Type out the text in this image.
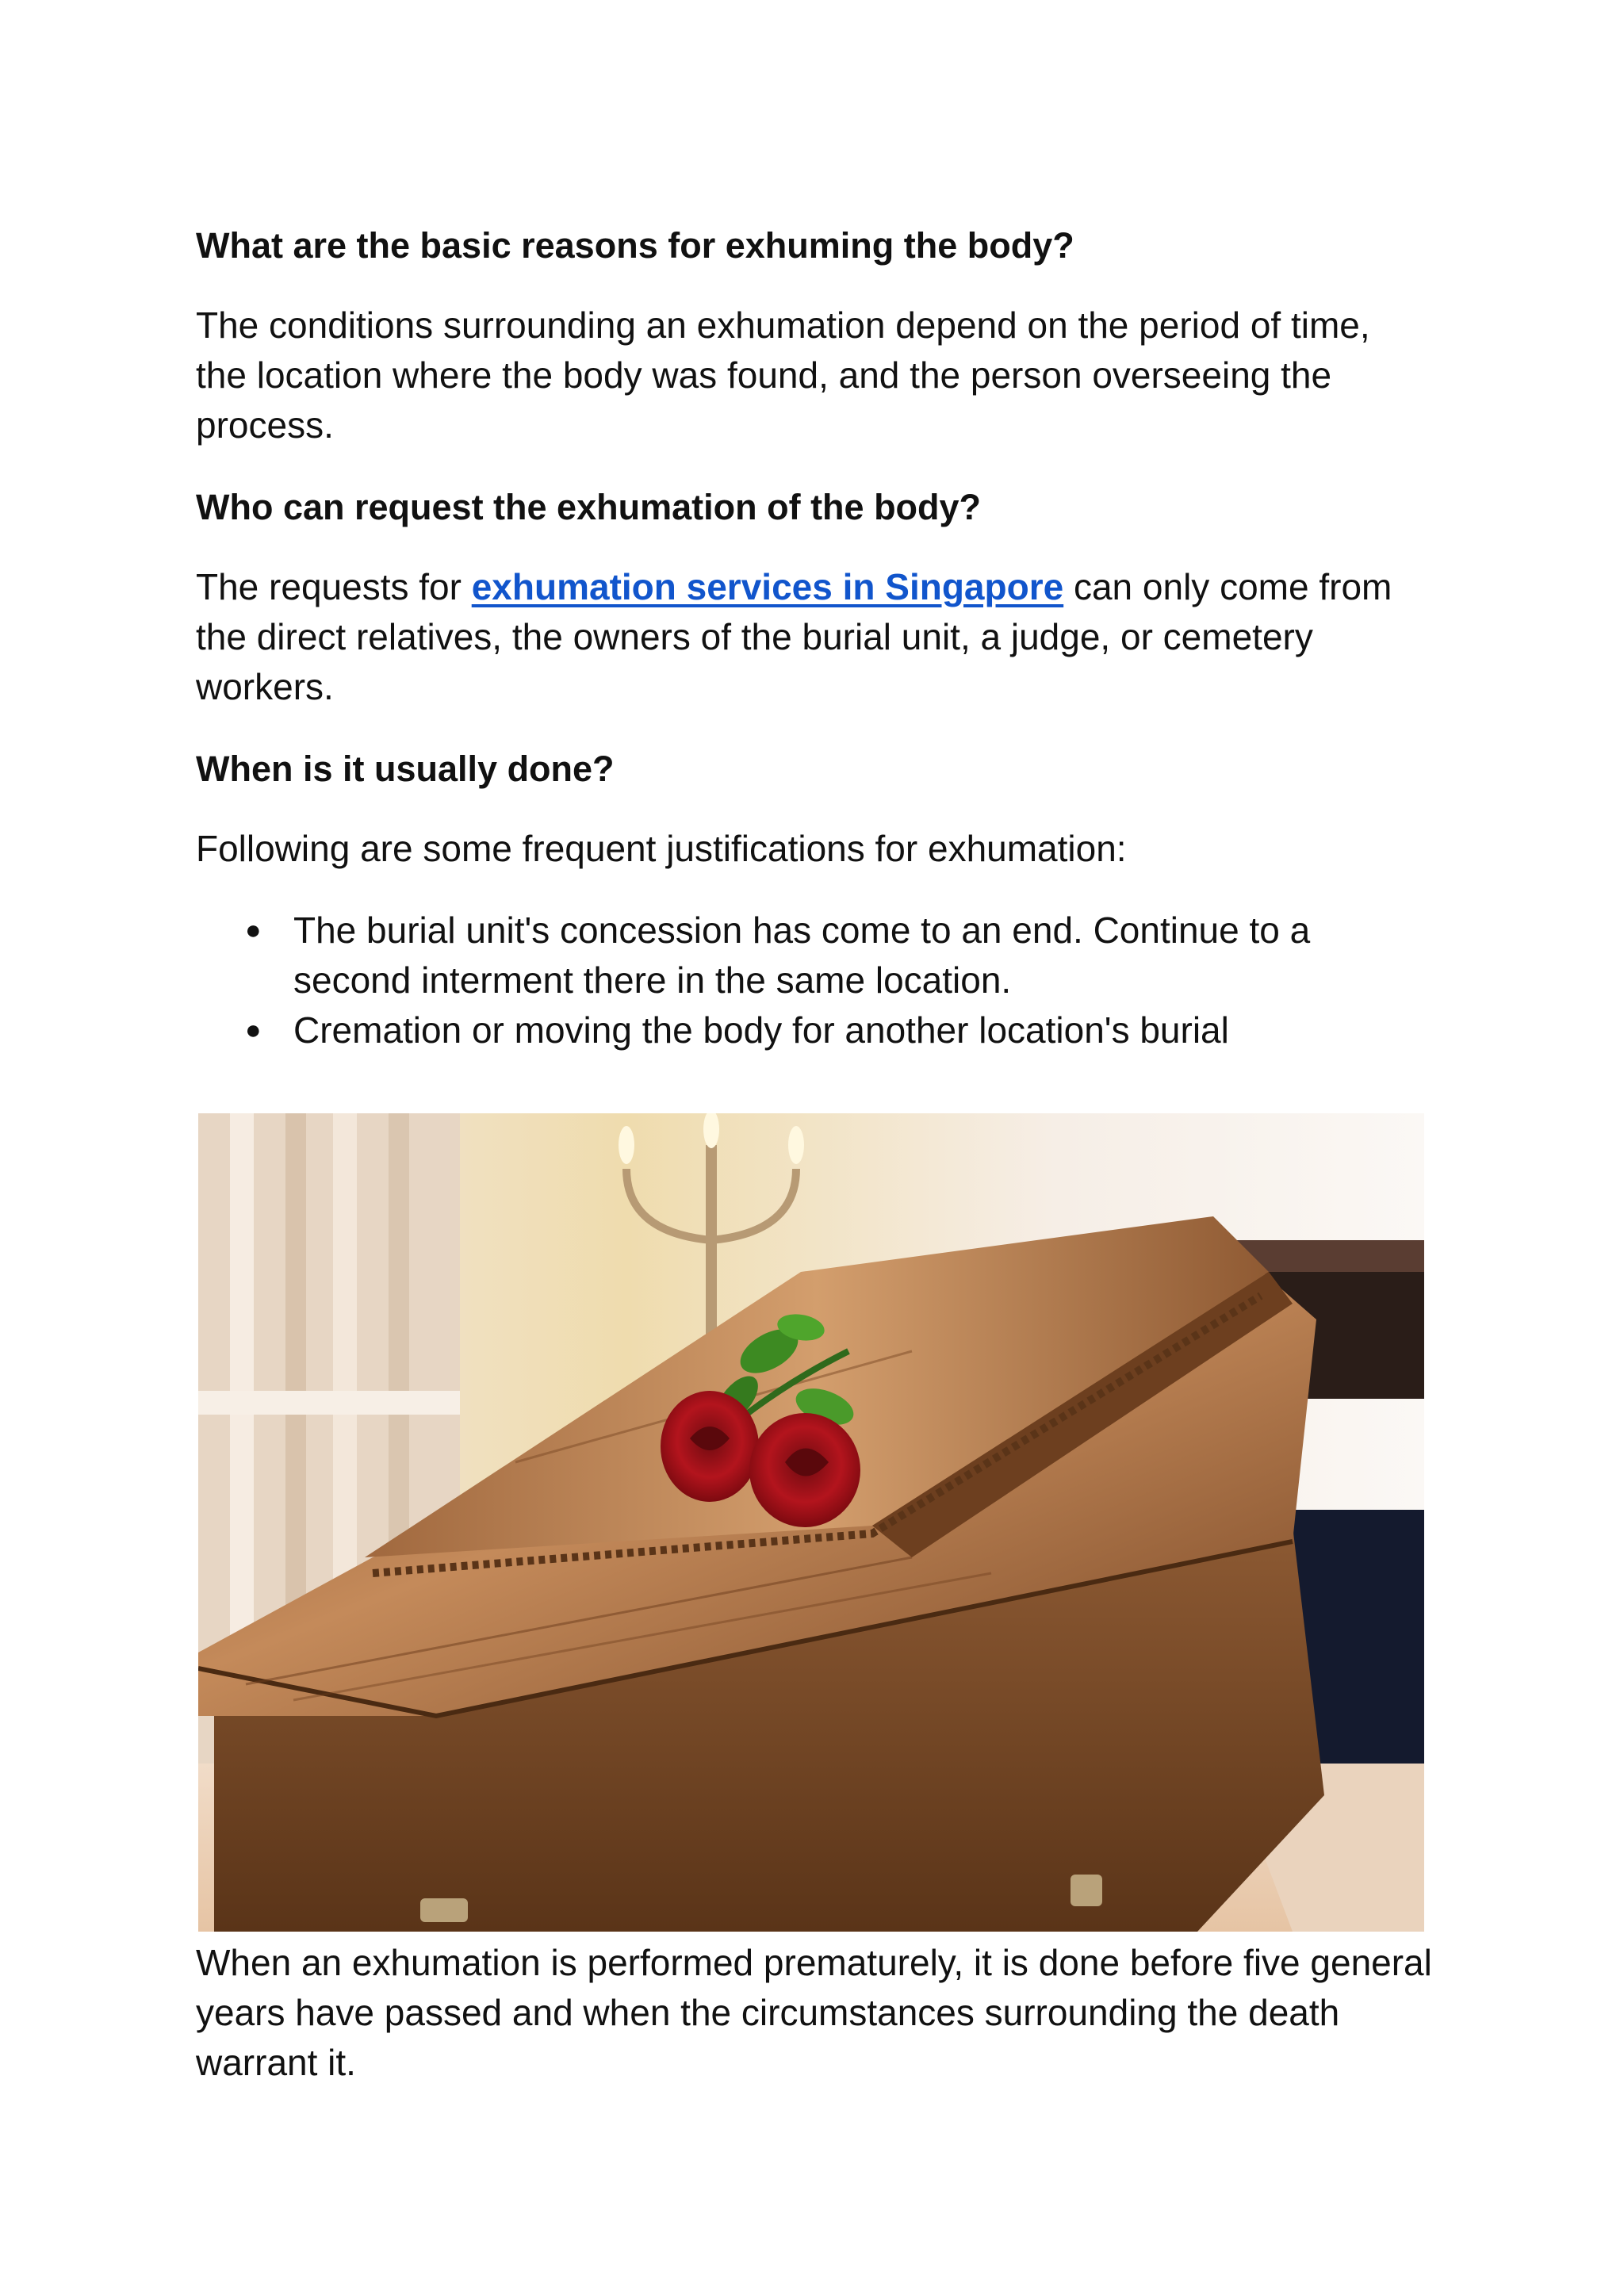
What are the basic reasons for exhuming the body?

The conditions surrounding an exhumation depend on the period of time, the location where the body was found, and the person overseeing the process.

Who can request the exhumation of the body?

The requests for exhumation services in Singapore can only come from the direct relatives, the owners of the burial unit, a judge, or cemetery workers.

When is it usually done?

Following are some frequent justifications for exhumation:

● The burial unit's concession has come to an end. Continue to a second interment there in the same location.
● Cremation or moving the body for another location's burial

When an exhumation is performed prematurely, it is done before five general years have passed and when the circumstances surrounding the death warrant it.
